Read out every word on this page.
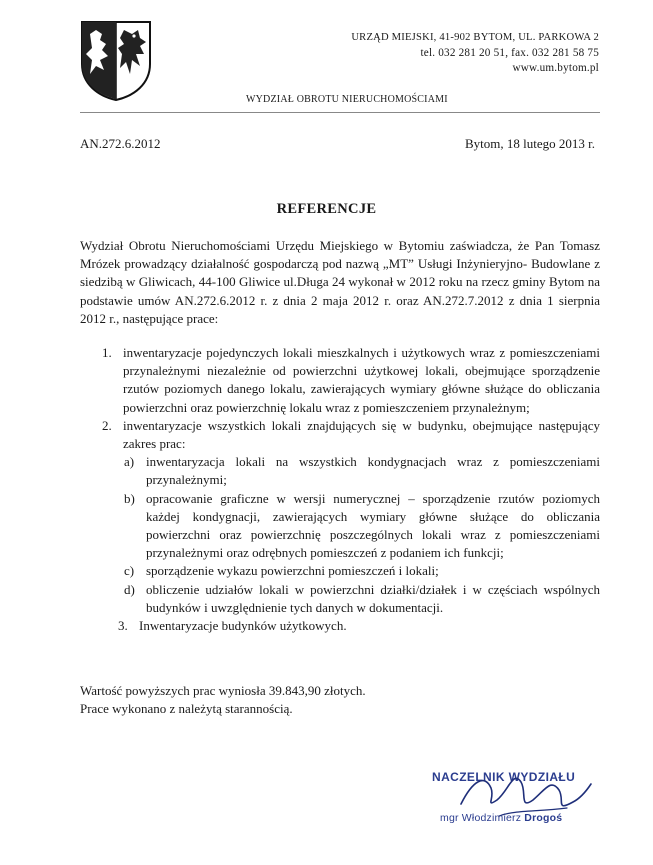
URZĄD MIEJSKI, 41-902 BYTOM, UL. PARKOWA 2
tel. 032 281 20 51, fax. 032 281 58 75
www.um.bytom.pl
WYDZIAŁ OBROTU NIERUCHOMOŚCIAMI
AN.272.6.2012	Bytom, 18 lutego 2013 r.
REFERENCJE
Wydział Obrotu Nieruchomościami Urzędu Miejskiego w Bytomiu zaświadcza, że Pan Tomasz Mrózek prowadzący działalność gospodarczą pod nazwą „MT” Usługi Inżynieryjno- Budowlane z siedzibą w Gliwicach, 44-100 Gliwice ul.Długa 24 wykonał w 2012 roku na rzecz gminy Bytom na podstawie umów AN.272.6.2012 r. z dnia 2 maja 2012 r. oraz AN.272.7.2012 z dnia 1 sierpnia 2012 r., następujące prace:
1. inwentaryzacje pojedynczych lokali mieszkalnych i użytkowych wraz z pomieszczeniami przynależnymi niezależnie od powierzchni użytkowej lokali, obejmujące sporządzenie rzutów poziomych danego lokalu, zawierających wymiary główne służące do obliczania powierzchni oraz powierzchnię lokalu wraz z pomieszczeniem przynależnym;
2. inwentaryzacje wszystkich lokali znajdujących się w budynku, obejmujące następujący zakres prac:
a) inwentaryzacja lokali na wszystkich kondygnacjach wraz z pomieszczeniami przynależnymi;
b) opracowanie graficzne w wersji numerycznej – sporządzenie rzutów poziomych każdej kondygnacji, zawierających wymiary główne służące do obliczania powierzchni oraz powierzchnię poszczególnych lokali wraz z pomieszczeniami przynależnymi oraz odrębnych pomieszczeń z podaniem ich funkcji;
c) sporządzenie wykazu powierzchni pomieszczeń i lokali;
d) obliczenie udziałów lokali w powierzchni działki/działek i w częściach wspólnych budynków i uwzględnienie tych danych w dokumentacji.
3. Inwentaryzacje budynków użytkowych.
Wartość powyższych prac wyniosła 39.843,90 złotych.
Prace wykonano z należytą starannością.
NACZELNIK WYDZIAŁU
mgr Włodzimierz Drogoś
